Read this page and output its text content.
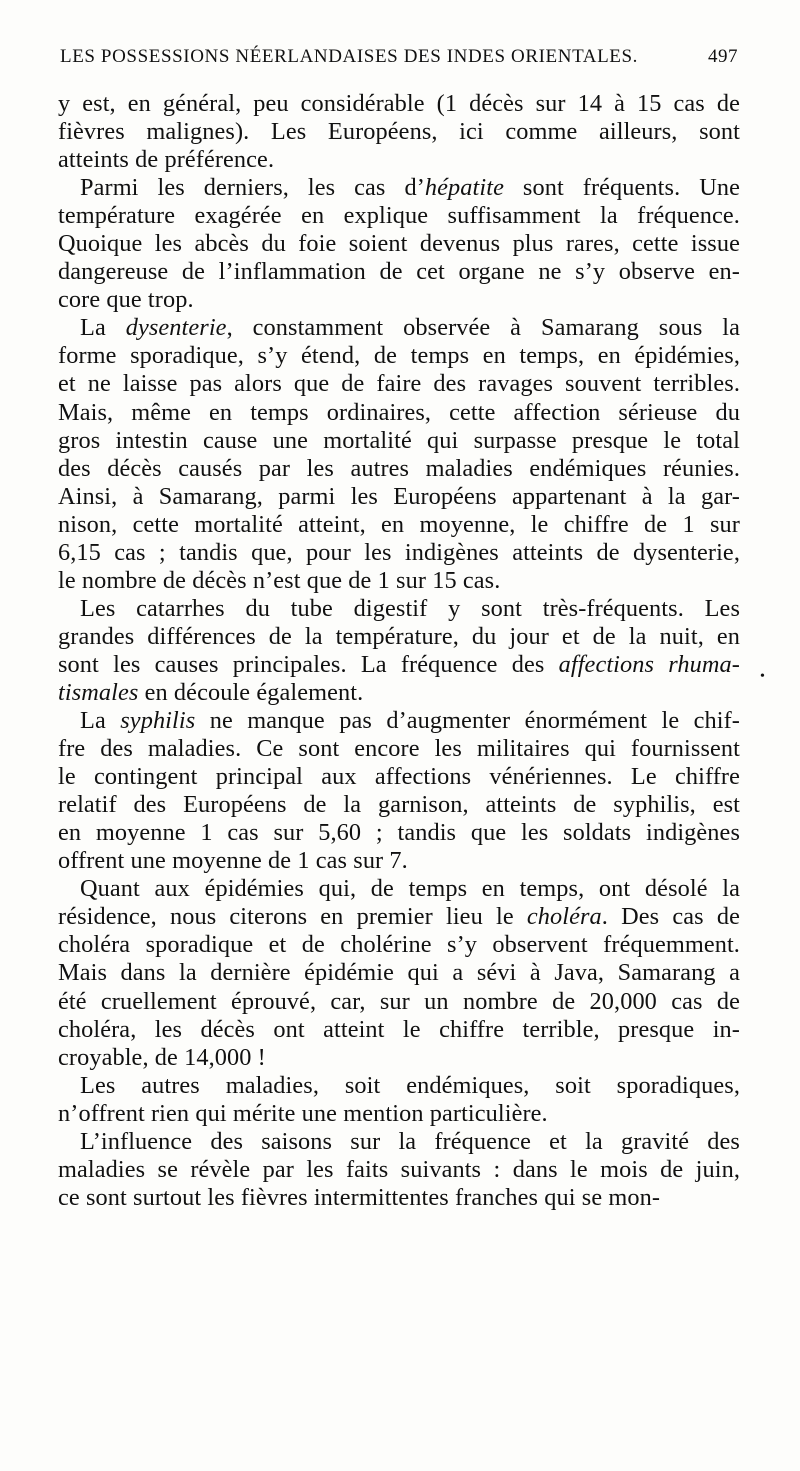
LES POSSESSIONS NÉERLANDAISES DES INDES ORIENTALES.	497
y est, en général, peu considérable (1 décès sur 14 à 15 cas de
fièvres malignes). Les Européens, ici comme ailleurs, sont
atteints de préférence.
Parmi les derniers, les cas d’hépatite sont fréquents. Une
température exagérée en explique suffisamment la fréquence.
Quoique les abcès du foie soient devenus plus rares, cette issue
dangereuse de l’inflammation de cet organe ne s’y observe en-
core que trop.
La dysenterie, constamment observée à Samarang sous la
forme sporadique, s’y étend, de temps en temps, en épidémies,
et ne laisse pas alors que de faire des ravages souvent terribles.
Mais, même en temps ordinaires, cette affection sérieuse du
gros intestin cause une mortalité qui surpasse presque le total
des décès causés par les autres maladies endémiques réunies.
Ainsi, à Samarang, parmi les Européens appartenant à la gar-
nison, cette mortalité atteint, en moyenne, le chiffre de 1 sur
6,15 cas ; tandis que, pour les indigènes atteints de dysenterie,
le nombre de décès n’est que de 1 sur 15 cas.
Les catarrhes du tube digestif y sont très-fréquents. Les
grandes différences de la température, du jour et de la nuit, en
sont les causes principales. La fréquence des affections rhuma-
tismales en découle également.
La syphilis ne manque pas d’augmenter énormément le chif-
fre des maladies. Ce sont encore les militaires qui fournissent
le contingent principal aux affections vénériennes. Le chiffre
relatif des Européens de la garnison, atteints de syphilis, est
en moyenne 1 cas sur 5,60 ; tandis que les soldats indigènes
offrent une moyenne de 1 cas sur 7.
Quant aux épidémies qui, de temps en temps, ont désolé la
résidence, nous citerons en premier lieu le choléra. Des cas de
choléra sporadique et de cholérine s’y observent fréquemment.
Mais dans la dernière épidémie qui a sévi à Java, Samarang a
été cruellement éprouvé, car, sur un nombre de 20,000 cas de
choléra, les décès ont atteint le chiffre terrible, presque in-
croyable, de 14,000 !
Les autres maladies, soit endémiques, soit sporadiques,
n’offrent rien qui mérite une mention particulière.
L’influence des saisons sur la fréquence et la gravité des
maladies se révèle par les faits suivants : dans le mois de juin,
ce sont surtout les fièvres intermittentes franches qui se mon-
•
